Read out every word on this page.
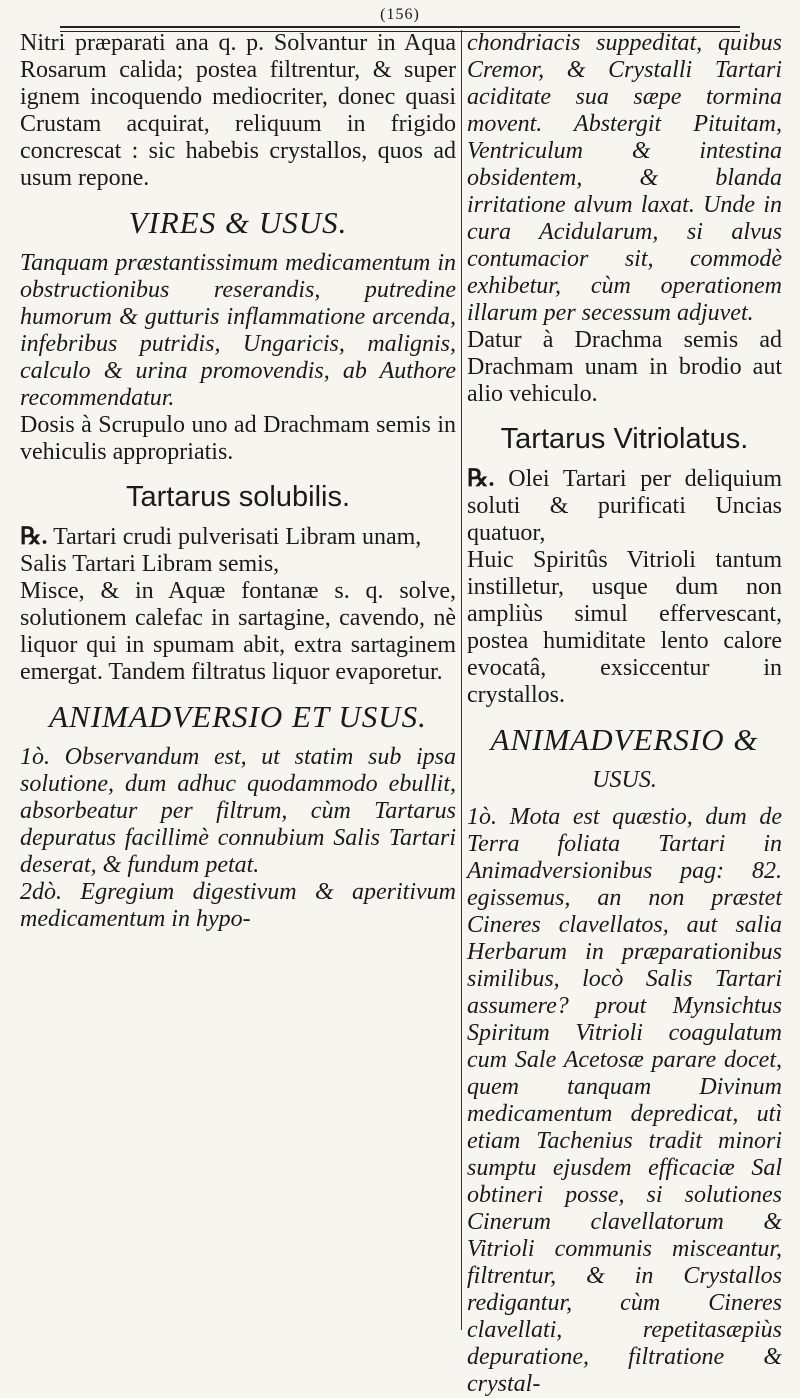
(156)

Nitri præparati ana q. p. Solvantur in Aqua Rosarum calida; postea filtrentur, & super ignem incoquendo mediocriter, donec quasi Crustam acquirat, reliquum in frigido concrescat : sic habebis crystallos, quos ad usum repone.

VIRES & USUS.

Tanquam præstantissimum medicamentum in obstructionibus reserandis, putredine humorum & gutturis inflammatione arcenda, infebribus putridis, Ungaricis, malignis, calculo & urina promovendis, ab Authore recommendatur.

Dosis à Scrupulo uno ad Drachmam semis in vehiculis appropriatis.

Tartarus solubilis.

℞. Tartari crudi pulverisati Libram unam,

Salis Tartari Libram semis,

Misce, & in Aquæ fontanæ s. q. solve, solutionem calefac in sartagine, cavendo, nè liquor qui in spumam abit, extra sartaginem emergat. Tandem filtratus liquor evaporetur.

ANIMADVERSIO ET USUS.

1ò. Observandum est, ut statim sub ipsa solutione, dum adhuc quodammodo ebullit, absorbeatur per filtrum, cùm Tartarus depuratus facillimè connubium Salis Tartari deserat, & fundum petat.

2dò. Egregium digestivum & aperitivum medicamentum in hypo-

chondriacis suppeditat, quibus Cremor, & Crystalli Tartari aciditate sua sæpe tormina movent. Abstergit Pituitam, Ventriculum & intestina obsidentem, & blanda irritatione alvum laxat. Unde in cura Acidularum, si alvus contumacior sit, commodè exhibetur, cùm operationem illarum per secessum adjuvet.

Datur à Drachma semis ad Drachmam unam in brodio aut alio vehiculo.

Tartarus Vitriolatus.

℞. Olei Tartari per deliquium soluti & purificati Uncias quatuor,

Huic Spiritûs Vitrioli tantum instilletur, usque dum non ampliùs simul effervescant, postea humiditate lento calore evocatâ, exsiccentur in crystallos.

ANIMADVERSIO &
USUS.

1ò. Mota est quæstio, dum de Terra foliata Tartari in Animadversionibus pag: 82. egissemus, an non præstet Cineres clavellatos, aut salia Herbarum in præparationibus similibus, locò Salis Tartari assumere? prout Mynsichtus Spiritum Vitrioli coagulatum cum Sale Acetosæ parare docet, quem tanquam Divinum medicamentum depredicat, utì etiam Tachenius tradit minori sumptu ejusdem efficaciæ Sal obtineri posse, si solutiones Cinerum clavellatorum & Vitrioli communis misceantur, filtrentur, & in Crystallos redigantur, cùm Cineres clavellati, repetitasæpiùs depuratione, filtratione & crystal-
